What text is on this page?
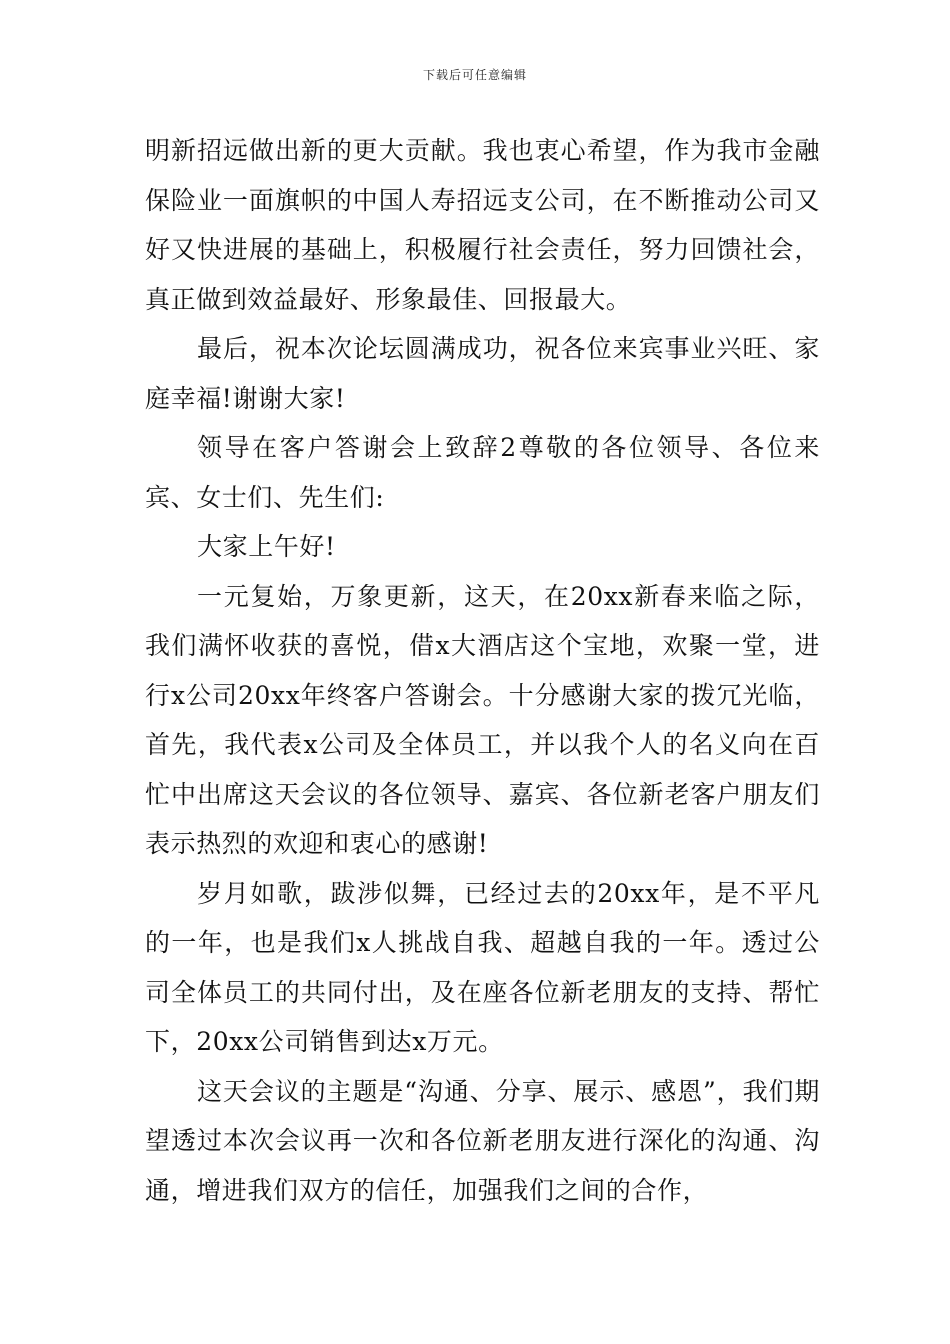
下载后可任意编辑

明新招远做出新的更大贡献。我也衷心希望，作为我市金融保险业一面旗帜的中国人寿招远支公司，在不断推动公司又好又快进展的基础上，积极履行社会责任，努力回馈社会，真正做到效益最好、形象最佳、回报最大。

最后，祝本次论坛圆满成功，祝各位来宾事业兴旺、家庭幸福!谢谢大家!

领导在客户答谢会上致辞2尊敬的各位领导、各位来宾、女士们、先生们:

大家上午好!

一元复始，万象更新，这天，在20xx新春来临之际，我们满怀收获的喜悦，借x大酒店这个宝地，欢聚一堂，进行x公司20xx年终客户答谢会。十分感谢大家的拨冗光临，首先，我代表x公司及全体员工，并以我个人的名义向在百忙中出席这天会议的各位领导、嘉宾、各位新老客户朋友们表示热烈的欢迎和衷心的感谢!

岁月如歌，跋涉似舞，已经过去的20xx年，是不平凡的一年，也是我们x人挑战自我、超越自我的一年。透过公司全体员工的共同付出，及在座各位新老朋友的支持、帮忙下，20xx公司销售到达x万元。

这天会议的主题是“沟通、分享、展示、感恩”，我们期望透过本次会议再一次和各位新老朋友进行深化的沟通、沟通，增进我们双方的信任，加强我们之间的合作，
